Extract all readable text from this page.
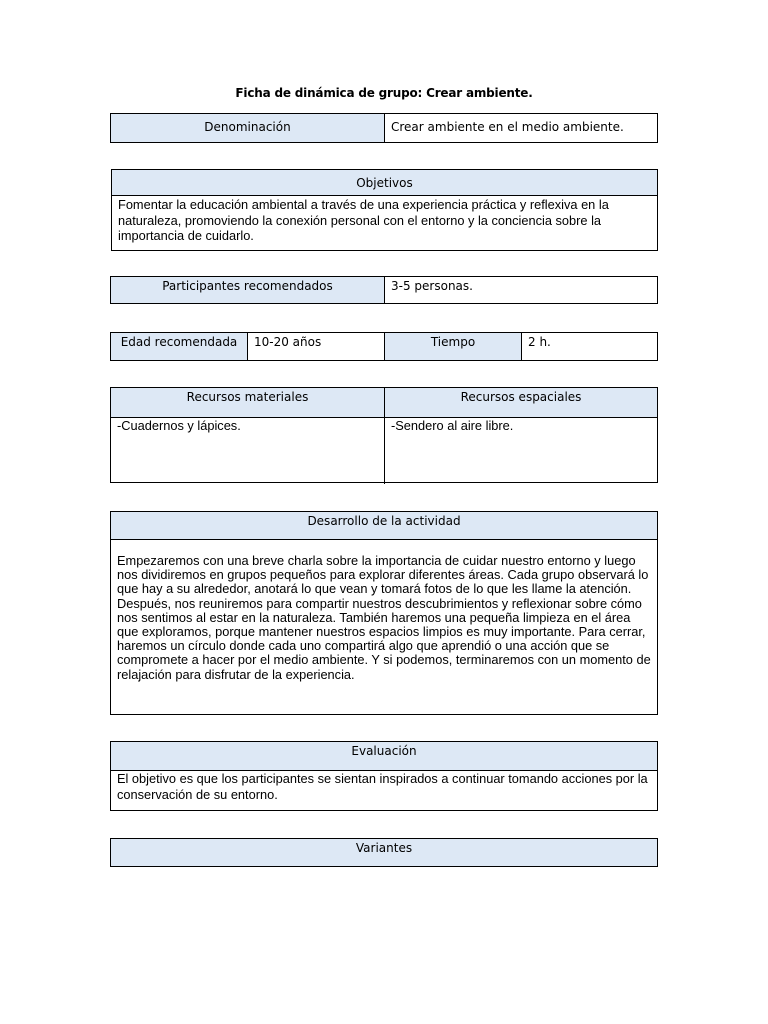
Ficha de dinámica de grupo: Crear ambiente.
Denominación	Crear ambiente en el medio ambiente.
Objetivos
Fomentar la educación ambiental a través de una experiencia práctica y reflexiva en la naturaleza, promoviendo la conexión personal con el entorno y la conciencia sobre la importancia de cuidarlo.
Participantes recomendados	3-5 personas.
Edad recomendada	10-20 años	Tiempo	2 h.
Recursos materiales	Recursos espaciales
-Cuadernos y lápices.	-Sendero al aire libre.
Desarrollo de la actividad
Empezaremos con una breve charla sobre la importancia de cuidar nuestro entorno y luego nos dividiremos en grupos pequeños para explorar diferentes áreas. Cada grupo observará lo que hay a su alrededor, anotará lo que vean y tomará fotos de lo que les llame la atención. Después, nos reuniremos para compartir nuestros descubrimientos y reflexionar sobre cómo nos sentimos al estar en la naturaleza. También haremos una pequeña limpieza en el área que exploramos, porque mantener nuestros espacios limpios es muy importante. Para cerrar, haremos un círculo donde cada uno compartirá algo que aprendió o una acción que se compromete a hacer por el medio ambiente. Y si podemos, terminaremos con un momento de relajación para disfrutar de la experiencia.
Evaluación
El objetivo es que los participantes se sientan inspirados a continuar tomando acciones por la conservación de su entorno.
Variantes
